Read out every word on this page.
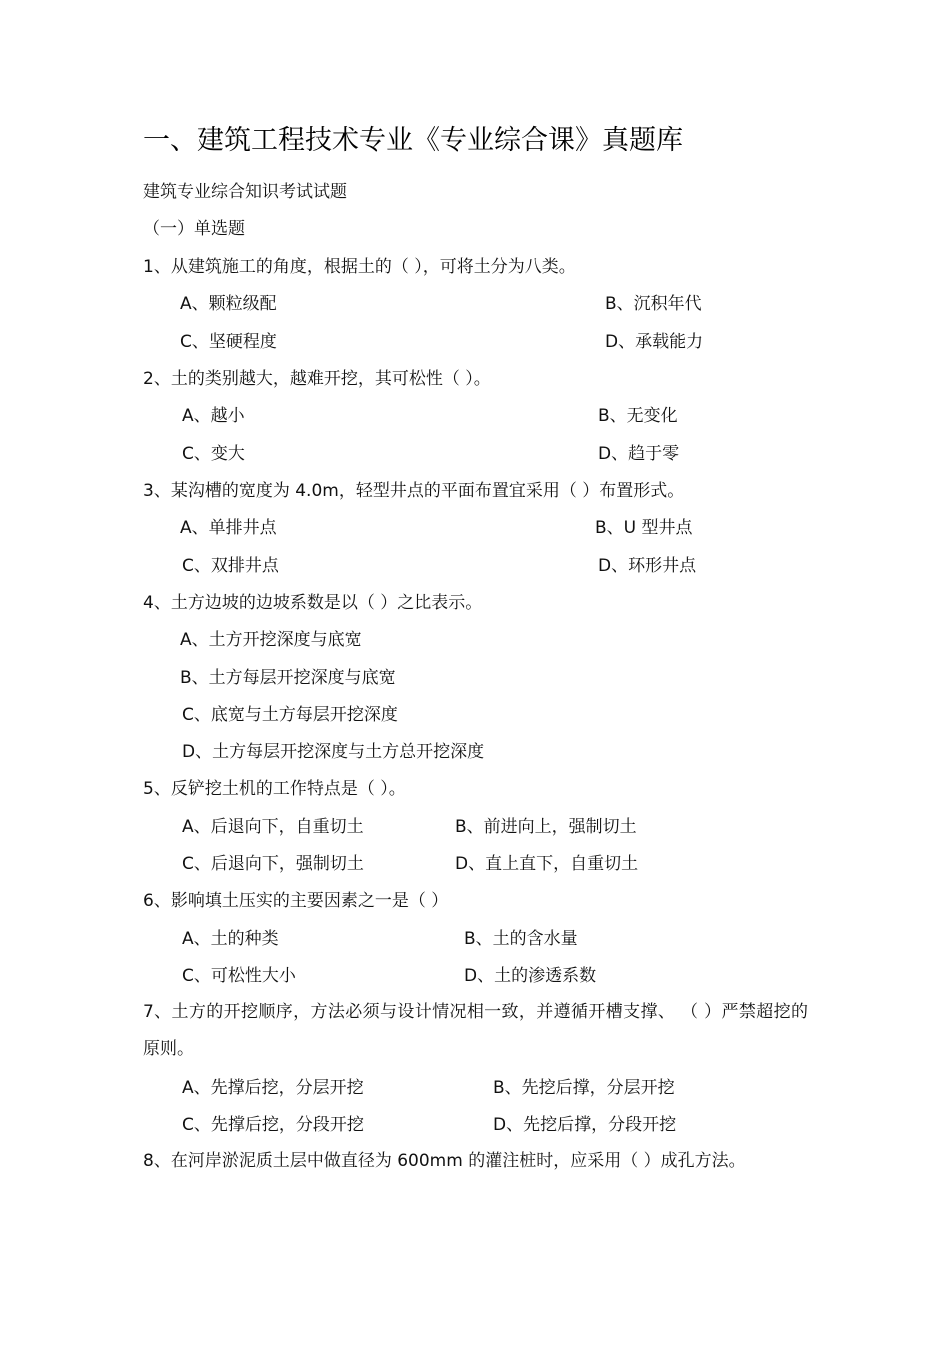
一、建筑工程技术专业《专业综合课》真题库
建筑专业综合知识考试试题
（一）单选题
1、从建筑施工的角度，根据土的（ ），可将土分为八类。
A、颗粒级配	B、沉积年代
C、坚硬程度	D、承载能力
2、土的类别越大，越难开挖，其可松性（ ）。
A、越小	B、无变化
C、变大	D、趋于零
3、某沟槽的宽度为 4.0m，轻型井点的平面布置宜采用（ ）布置形式。
A、单排井点	B、U 型井点
C、双排井点	D、环形井点
4、土方边坡的边坡系数是以（ ）之比表示。
A、土方开挖深度与底宽
B、土方每层开挖深度与底宽
C、底宽与土方每层开挖深度
D、土方每层开挖深度与土方总开挖深度
5、反铲挖土机的工作特点是（ ）。
A、后退向下，自重切土	B、前进向上，强制切土
C、后退向下，强制切土	D、直上直下，自重切土
6、影响填土压实的主要因素之一是（ ）
A、土的种类	B、土的含水量
C、可松性大小	D、土的渗透系数
7、土方的开挖顺序，方法必须与设计情况相一致，并遵循开槽支撑、 （ ）严禁超挖的原则。
A、先撑后挖，分层开挖	B、先挖后撑，分层开挖
C、先撑后挖，分段开挖	D、先挖后撑，分段开挖
8、在河岸淤泥质土层中做直径为 600mm 的灌注桩时，应采用（ ）成孔方法。
